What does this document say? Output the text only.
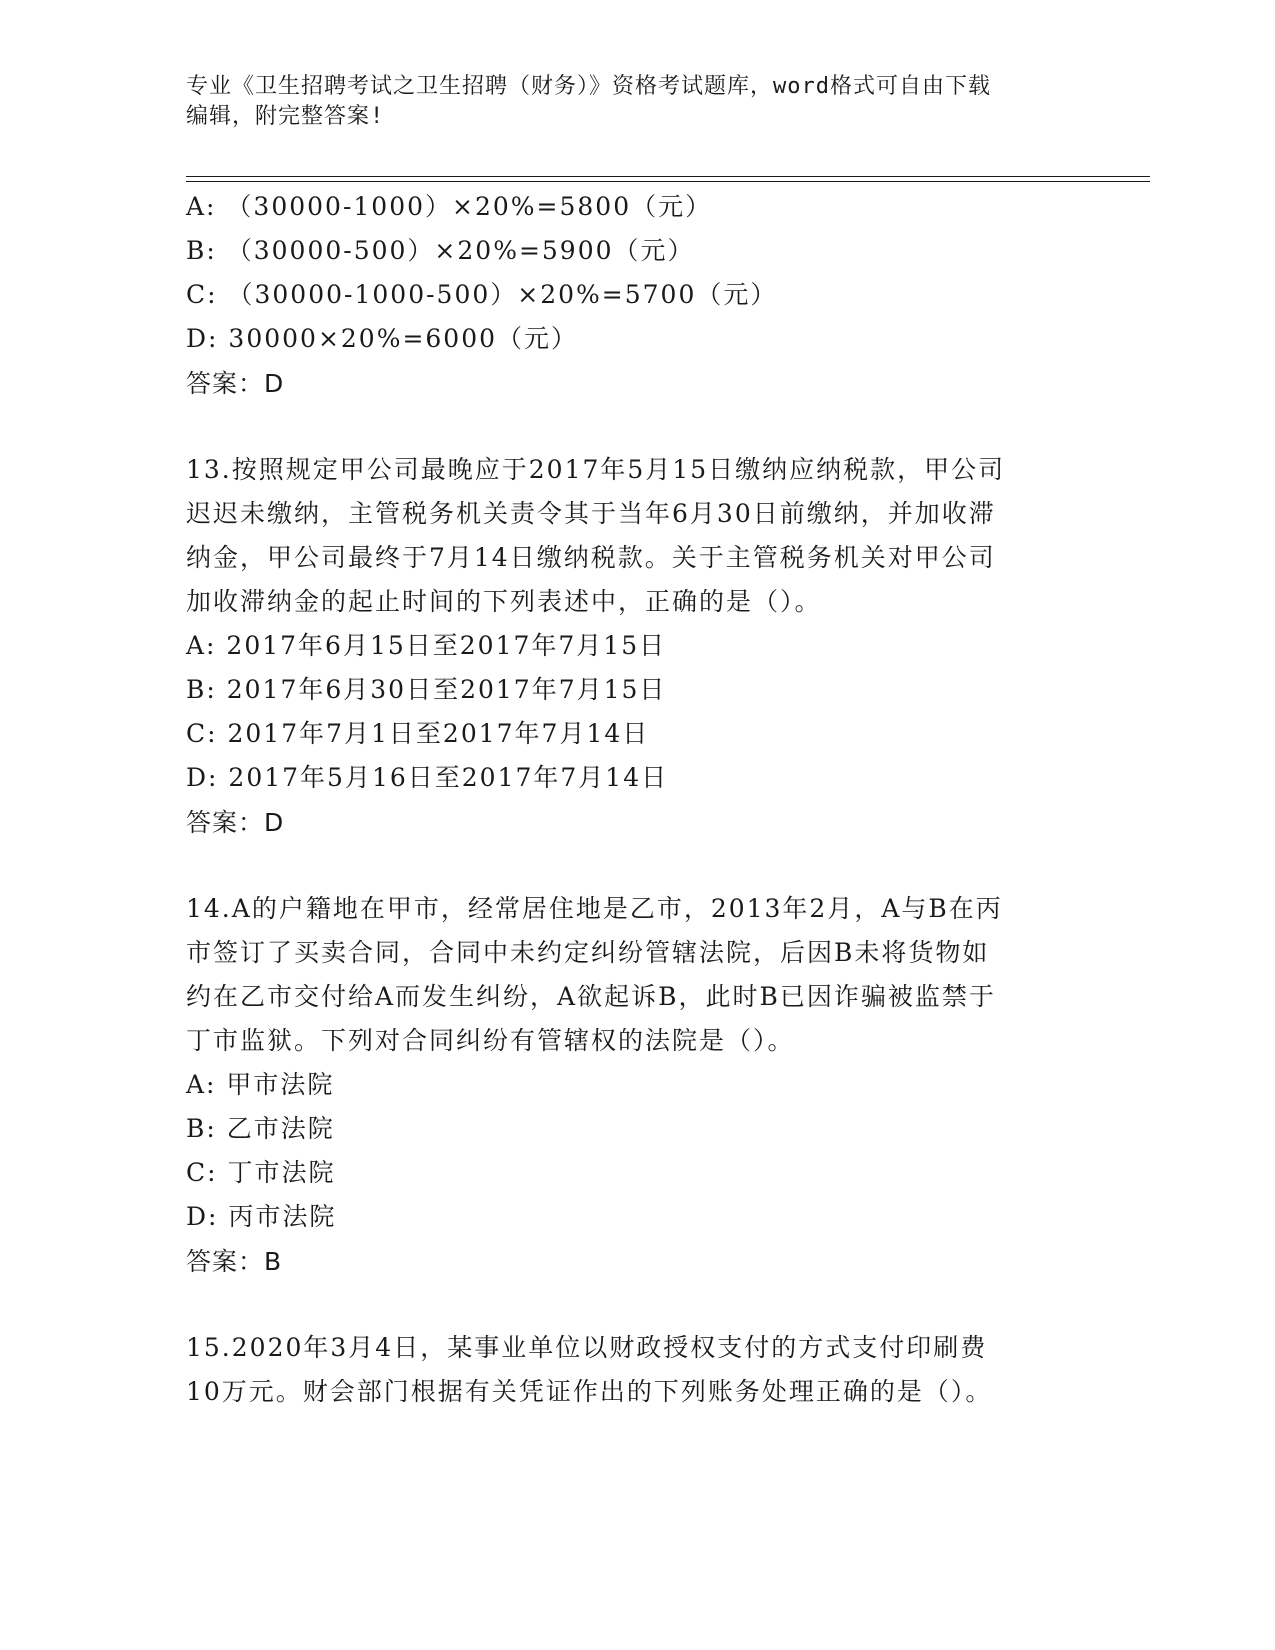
专业《卫生招聘考试之卫生招聘（财务）》资格考试题库，word格式可自由下载
编辑，附完整答案!
A: （30000-1000）×20%=5800（元）
B: （30000-500）×20%=5900（元）
C: （30000-1000-500）×20%=5700（元）
D: 30000×20%=6000（元）
答案：D
13.按照规定甲公司最晚应于2017年5月15日缴纳应纳税款，甲公司
迟迟未缴纳，主管税务机关责令其于当年6月30日前缴纳，并加收滞
纳金，甲公司最终于7月14日缴纳税款。关于主管税务机关对甲公司
加收滞纳金的起止时间的下列表述中，正确的是（）。
A: 2017年6月15日至2017年7月15日
B: 2017年6月30日至2017年7月15日
C: 2017年7月1日至2017年7月14日
D: 2017年5月16日至2017年7月14日
答案：D
14.A的户籍地在甲市，经常居住地是乙市，2013年2月，A与B在丙
市签订了买卖合同，合同中未约定纠纷管辖法院，后因B未将货物如
约在乙市交付给A而发生纠纷，A欲起诉B，此时B已因诈骗被监禁于
丁市监狱。下列对合同纠纷有管辖权的法院是（）。
A: 甲市法院
B: 乙市法院
C: 丁市法院
D: 丙市法院
答案：B
15.2020年3月4日，某事业单位以财政授权支付的方式支付印刷费
10万元。财会部门根据有关凭证作出的下列账务处理正确的是（）。
